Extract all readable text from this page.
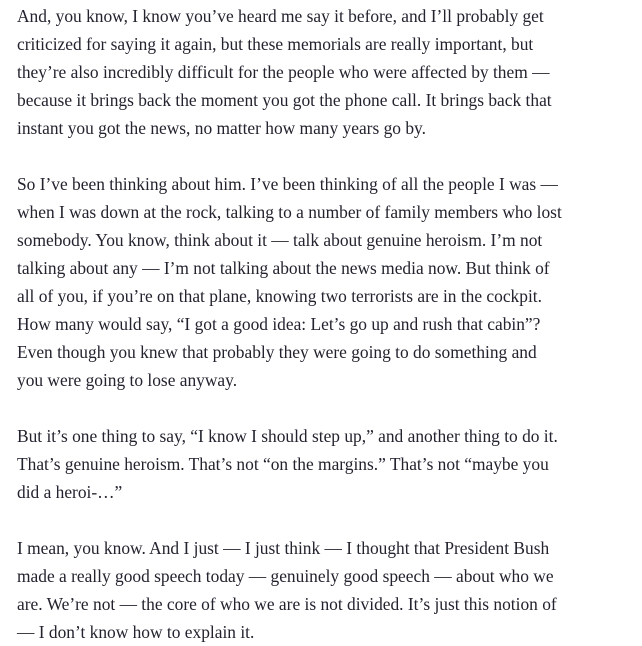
And, you know, I know you’ve heard me say it before, and I’ll probably get
criticized for saying it again, but these memorials are really important, but
they’re also incredibly difficult for the people who were affected by them —
because it brings back the moment you got the phone call. It brings back that
instant you got the news, no matter how many years go by.

So I’ve been thinking about him. I’ve been thinking of all the people I was —
when I was down at the rock, talking to a number of family members who lost
somebody. You know, think about it — talk about genuine heroism. I’m not
talking about any — I’m not talking about the news media now. But think of
all of you, if you’re on that plane, knowing two terrorists are in the cockpit.
How many would say, “I got a good idea: Let’s go up and rush that cabin”?
Even though you knew that probably they were going to do something and
you were going to lose anyway.

But it’s one thing to say, “I know I should step up,” and another thing to do it.
That’s genuine heroism. That’s not “on the margins.” That’s not “maybe you
did a heroi-…”

I mean, you know. And I just — I just think — I thought that President Bush
made a really good speech today — genuinely good speech — about who we
are. We’re not — the core of who we are is not divided. It’s just this notion of
— I don’t know how to explain it.
